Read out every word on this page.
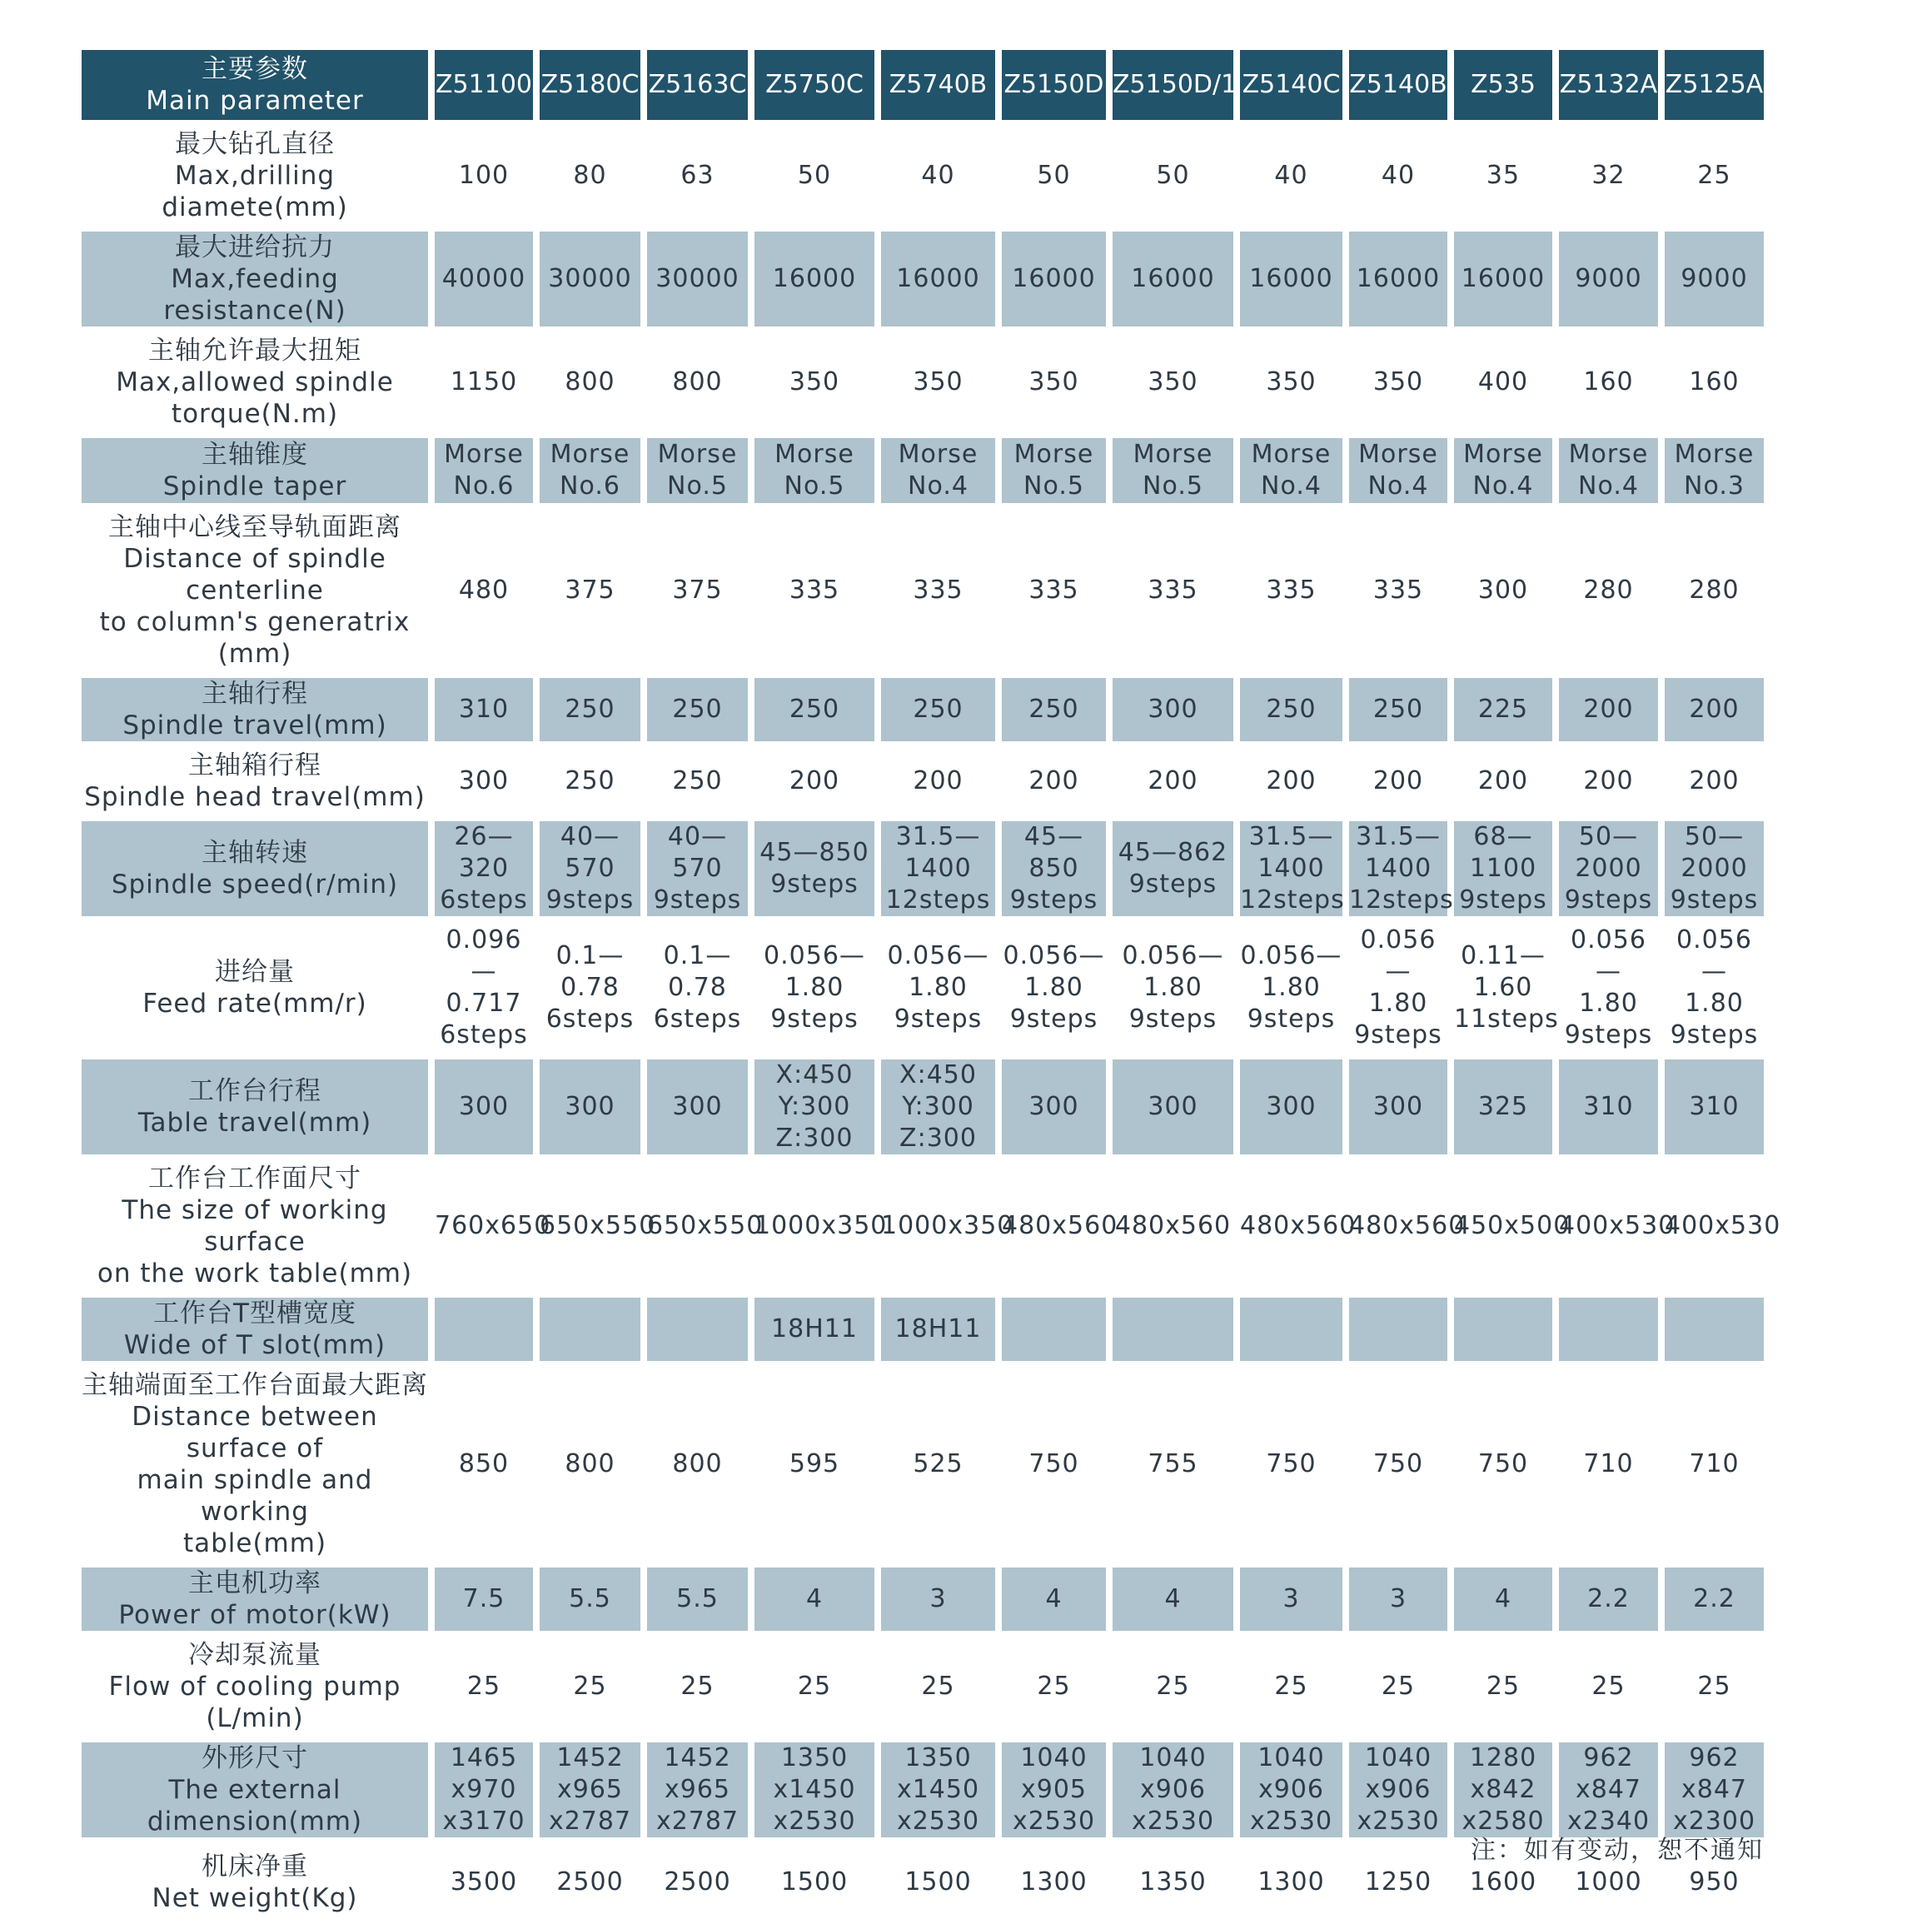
主要参数
Main parameter	Z51100	Z5180C	Z5163C	Z5750C	Z5740B	Z5150D	Z5150D/1	Z5140C	Z5140B	Z535	Z5132A	Z5125A

最大钻孔直径
Max,drilling diamete(mm)	100	80	63	50	40	50	50	40	40	35	32	25

最大进给抗力
Max,feeding resistance(N)	40000	30000	30000	16000	16000	16000	16000	16000	16000	16000	9000	9000

主轴允许最大扭矩
Max,allowed spindle
torque(N.m)	1150	800	800	350	350	350	350	350	350	400	160	160

主轴锥度
Spindle taper	Morse
No.6	Morse
No.6	Morse
No.5	Morse
No.5	Morse
No.4	Morse
No.5	Morse
No.5	Morse
No.4	Morse
No.4	Morse
No.4	Morse
No.4	Morse
No.3

主轴中心线至导轨面距离
Distance of spindle centerline
to column's generatrix (mm)	480	375	375	335	335	335	335	335	335	300	280	280

主轴行程
Spindle travel(mm)	310	250	250	250	250	250	300	250	250	225	200	200

主轴箱行程
Spindle head travel(mm)	300	250	250	200	200	200	200	200	200	200	200	200

主轴转速
Spindle speed(r/min)	26—320
6steps	40—570
9steps	40—570
9steps	45—850
9steps	31.5—
1400
12steps	45—850
9steps	45—862
9steps	31.5—
1400
12steps	31.5—
1400
12steps	68—
1100
9steps	50—
2000
9steps	50—
2000
9steps

进给量
Feed rate(mm/r)	0.096—
0.717
6steps	0.1—
0.78
6steps	0.1—
0.78
6steps	0.056—
1.80
9steps	0.056—
1.80
9steps	0.056—
1.80
9steps	0.056—
1.80
9steps	0.056—
1.80
9steps	0.056—
1.80
9steps	0.11—
1.60
11steps	0.056—
1.80
9steps	0.056—
1.80
9steps

工作台行程
Table travel(mm)	300	300	300	X:450
Y:300
Z:300	X:450
Y:300
Z:300	300	300	300	300	325	310	310

工作台工作面尺寸
The size of working surface
on the work table(mm)	760x650	650x550	650x550	1000x350	1000x350	480x560	480x560	480x560	480x560	450x500	400x530	400x530

工作台T型槽宽度
Wide of T slot(mm)				18H11	18H11							

主轴端面至工作台面最大距离
Distance between surface of
main spindle and working
table(mm)	850	800	800	595	525	750	755	750	750	750	710	710

主电机功率
Power of motor(kW)	7.5	5.5	5.5	4	3	4	4	3	3	4	2.2	2.2

冷却泵流量
Flow of cooling pump
(L/min)	25	25	25	25	25	25	25	25	25	25	25	25

外形尺寸
The external
dimension(mm)	1465
x970
x3170	1452
x965
x2787	1452
x965
x2787	1350
x1450
x2530	1350
x1450
x2530	1040
x905
x2530	1040
x906
x2530	1040
x906
x2530	1040
x906
x2530	1280
x842
x2580	962
x847
x2340	962
x847
x2300

机床净重
Net weight(Kg)	3500	2500	2500	1500	1500	1300	1350	1300	1250	1600	1000	950
注：如有变动，恕不通知
